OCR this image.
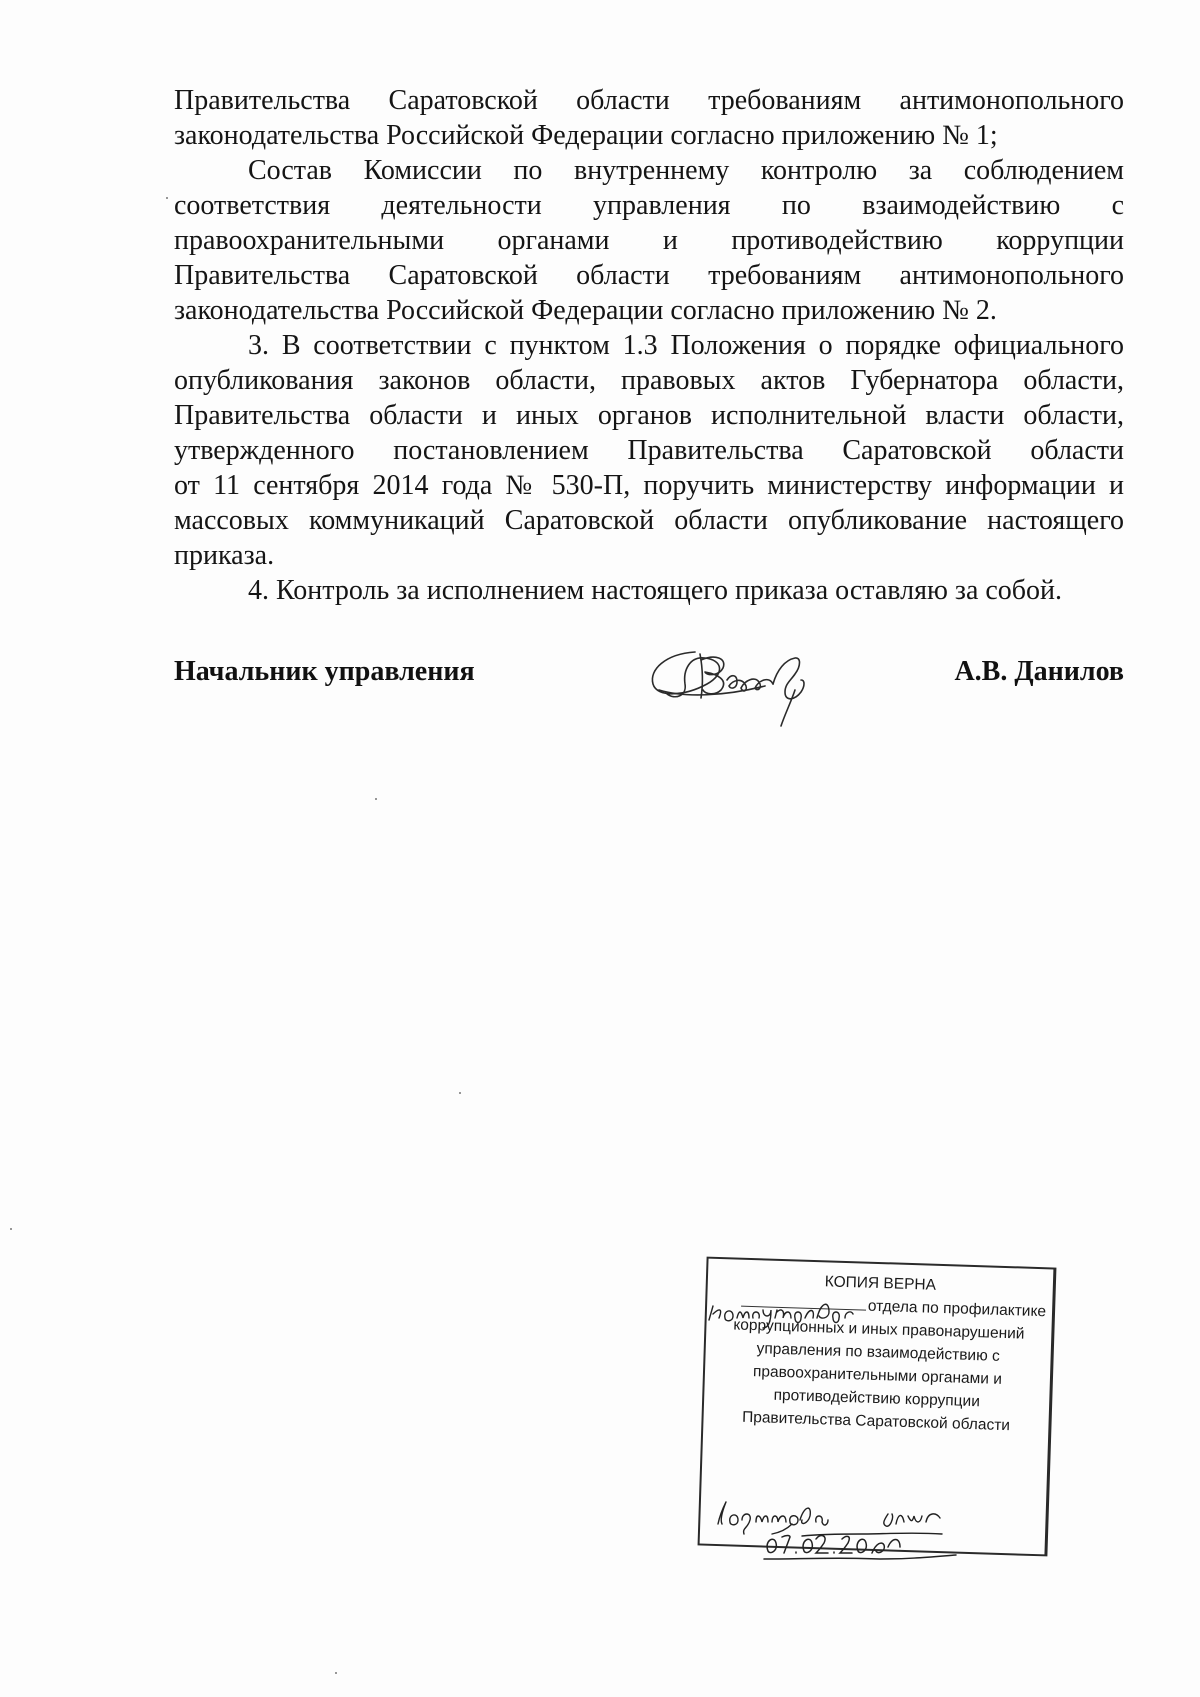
Правительства Саратовской области требованиям антимонопольного

законодательства Российской Федерации согласно приложению № 1;

Состав Комиссии по внутреннему контролю за соблюдением

соответствия деятельности управления по взаимодействию с

правоохранительными органами и противодействию коррупции

Правительства Саратовской области требованиям антимонопольного

законодательства Российской Федерации согласно приложению № 2.

3. В соответствии с пунктом 1.3 Положения о порядке официального

опубликования законов области, правовых актов Губернатора области,

Правительства области и иных органов исполнительной власти области,

утвержденного постановлением Правительства Саратовской области

от 11 сентября 2014 года № 530-П, поручить министерству информации и

массовых коммуникаций Саратовской области опубликование настоящего

приказа.

4. Контроль за исполнением настоящего приказа оставляю за собой.

Начальник управления	А.В. Данилов
КОПИЯ ВЕРНА
отдела по профилактике
коррупционных и иных правонарушений
управления по взаимодействию с
правоохранительными органами и
противодействию коррупции
Правительства Саратовской области
